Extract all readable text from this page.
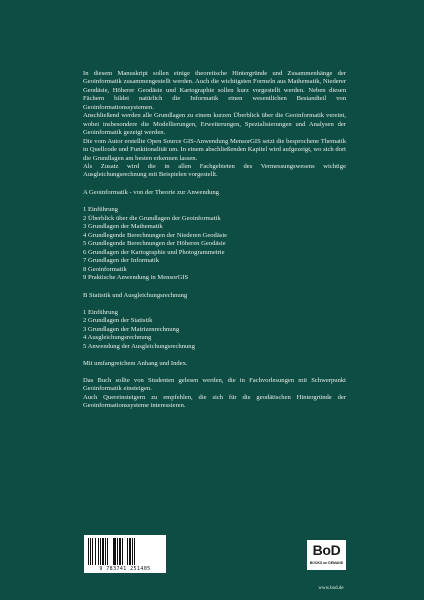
In diesem Manuskript sollen einige theoretische Hintergründe und Zusammenhänge der Geoinformatik zusammengestellt werden. Auch die wichtigsten Formeln aus Mathematik, Niederer Geodäsie, Höherer Geodäsie und Kartographie sollen kurz vorgestellt werden. Neben diesen Fächern bildet natürlich die Informatik einen wesentlichen Bestandteil von Geoinformationssystemen.

Anschließend werden alle Grundlagen zu einem kurzen Überblick über die Geoinformatik vereint, wobei insbesondere die Modellierungen, Erweiterungen, Spezialisierungen und Analysen der Geoinformatik gezeigt werden.

Die vom Autor erstellte Open Source GIS-Anwendung MensorGIS setzt die besprochene Thematik in Quellcode und Funktionalität um. In einem abschließenden Kapitel wird aufgezeigt, wo sich dort die Grundlagen am besten erkennen lassen.

Als Zusatz wird die in allen Fachgebieten des Vermessungswesens wichtige Ausgleichungsrechnung mit Beispielen vorgestellt.

A Geoinformatik - von der Theorie zur Anwendung

1 Einführung
2 Überblick über die Grundlagen der Geoinformatik
3 Grundlagen der Mathematik
4 Grundlegende Berechnungen der Niederen Geodäsie
5 Grundlegende Berechnungen der Höheren Geodäsie
6 Grundlagen der Kartographie und Photogrammetrie
7 Grundlagen der Informatik
8 Geoinformatik
9 Praktische Anwendung in MensorGIS

B Statistik und Ausgleichungsrechnung

1 Einführung
2 Grundlagen der Statistik
3 Grundlagen der Matrizenrechnung
4 Ausgleichungsrechnung
5 Anwendung der Ausgleichungsrechnung

Mit umfangreichem Anhang und Index.

Das Buch sollte von Studenten gelesen werden, die in Fachvorlesungen mit Schwerpunkt Geoinformatik einsteigen.

Auch Quereinsteigern zu empfehlen, die sich für die geodätischen Hintergründe der Geoinformationssysteme interessieren.

9 783741 251405
BoD
BOOKS on DEMAND
www.bod.de
